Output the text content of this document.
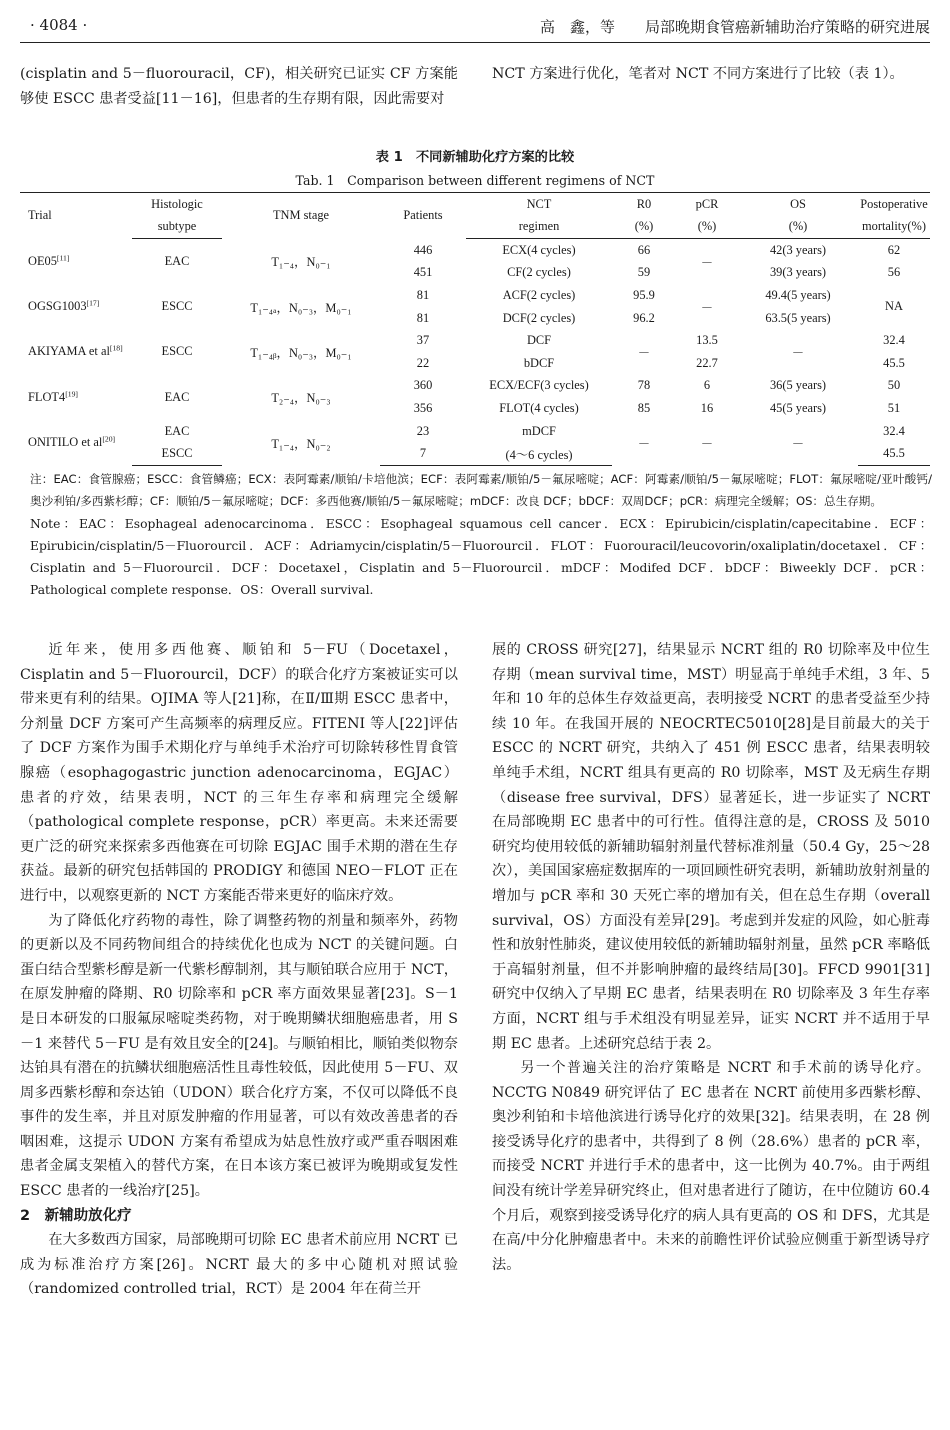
· 4084 ·	高　鑫，等　　局部晚期食管癌新辅助治疗策略的研究进展

(cisplatin and 5－fluorouracil，CF)，相关研究已证实 CF 方案能够使 ESCC 患者受益[11－16]，但患者的生存期有限，因此需要对

NCT 方案进行优化，笔者对 NCT 不同方案进行了比较（表 1）。

表 1　不同新辅助化疗方案的比较
Tab. 1　Comparison between different regimens of NCT
Trial	Histologic	TNM stage	Patients	NCT	R0	pCR	OS	Postoperative
	subtype			regimen	(%)	(%)	(%)	mortality(%)
OE05[11]	EAC	T₁₋₄，N₀₋₁	446	ECX(4 cycles)	66	－	42(3 years)	62
			451	CF(2 cycles)	59		39(3 years)	56
OGSG1003[17]	ESCC	T₁₋₄ₐ，N₀₋₃，M₀₋₁	81	ACF(2 cycles)	95.9	－	49.4(5 years)	NA
			81	DCF(2 cycles)	96.2		63.5(5 years)	
AKIYAMA et al[18]	ESCC	T₁₋₄ᵦ，N₀₋₃，M₀₋₁	37	DCF	－	13.5	－	32.4
			22	bDCF		22.7		45.5
FLOT4[19]	EAC	T₂₋₄，N₀₋₃	360	ECX/ECF(3 cycles)	78	6	36(5 years)	50
			356	FLOT(4 cycles)	85	16	45(5 years)	51
ONITILO et al[20]	EAC	T₁₋₄，N₀₋₂	23	mDCF	－	－	－	32.4
	ESCC		7	(4～6 cycles)				45.5

注：EAC：食管腺癌；ESCC：食管鳞癌；ECX：表阿霉素/顺铂/卡培他滨；ECF：表阿霉素/顺铂/5－氟尿嘧啶；ACF：阿霉素/顺铂/5－氟尿嘧啶；FLOT：氟尿嘧啶/亚叶酸钙/奥沙利铂/多西紫杉醇；CF：顺铂/5－氟尿嘧啶；DCF：多西他赛/顺铂/5－氟尿嘧啶；mDCF：改良 DCF；bDCF：双周DCF；pCR：病理完全缓解；OS：总生存期。

Note：EAC：Esophageal adenocarcinoma．ESCC：Esophageal squamous cell cancer．ECX：Epirubicin/cisplatin/capecitabine．ECF：Epirubicin/cisplatin/5－Fluorourcil．ACF：Adriamycin/cisplatin/5－Fluorourcil．FLOT：Fuorouracil/leucovorin/oxaliplatin/docetaxel．CF：Cisplatin and 5－Fluorourcil．DCF：Docetaxel，Cisplatin and 5－Fluorourcil．mDCF：Modifed DCF．bDCF：Biweekly DCF．pCR：Pathological complete response．OS：Overall survival.

近年来，使用多西他赛、顺铂和 5－FU（Docetaxel，Cisplatin and 5－Fluorourcil，DCF）的联合化疗方案被证实可以带来更有利的结果。OJIMA 等人[21]称，在Ⅱ/Ⅲ期 ESCC 患者中，分剂量 DCF 方案可产生高频率的病理反应。FITENI 等人[22]评估了 DCF 方案作为围手术期化疗与单纯手术治疗可切除转移性胃食管腺癌（esophagogastric junction adenocarcinoma，EGJAC）患者的疗效，结果表明，NCT 的三年生存率和病理完全缓解（pathological complete response，pCR）率更高。未来还需要更广泛的研究来探索多西他赛在可切除 EGJAC 围手术期的潜在生存获益。最新的研究包括韩国的 PRODIGY 和德国 NEO－FLOT 正在进行中，以观察更新的 NCT 方案能否带来更好的临床疗效。

为了降低化疗药物的毒性，除了调整药物的剂量和频率外，药物的更新以及不同药物间组合的持续优化也成为 NCT 的关键问题。白蛋白结合型紫杉醇是新一代紫杉醇制剂，其与顺铂联合应用于 NCT，在原发肿瘤的降期、R0 切除率和 pCR 率方面效果显著[23]。S－1 是日本研发的口服氟尿嘧啶类药物，对于晚期鳞状细胞癌患者，用 S－1 来替代 5－FU 是有效且安全的[24]。与顺铂相比，顺铂类似物奈达铂具有潜在的抗鳞状细胞癌活性且毒性较低，因此使用 5－FU、双周多西紫杉醇和奈达铂（UDON）联合化疗方案，不仅可以降低不良事件的发生率，并且对原发肿瘤的作用显著，可以有效改善患者的吞咽困难，这提示 UDON 方案有希望成为姑息性放疗或严重吞咽困难患者金属支架植入的替代方案，在日本该方案已被评为晚期或复发性 ESCC 患者的一线治疗[25]。

2　新辅助放化疗

在大多数西方国家，局部晚期可切除 EC 患者术前应用 NCRT 已成为标准治疗方案[26]。NCRT 最大的多中心随机对照试验（randomized controlled trial，RCT）是 2004 年在荷兰开

展的 CROSS 研究[27]，结果显示 NCRT 组的 R0 切除率及中位生存期（mean survival time，MST）明显高于单纯手术组，3 年、5 年和 10 年的总体生存效益更高，表明接受 NCRT 的患者受益至少持续 10 年。在我国开展的 NEOCRTEC5010[28]是目前最大的关于 ESCC 的 NCRT 研究，共纳入了 451 例 ESCC 患者，结果表明较单纯手术组，NCRT 组具有更高的 R0 切除率，MST 及无病生存期（disease free survival，DFS）显著延长，进一步证实了 NCRT 在局部晚期 EC 患者中的可行性。值得注意的是，CROSS 及 5010 研究均使用较低的新辅助辐射剂量代替标准剂量（50.4 Gy，25～28 次），美国国家癌症数据库的一项回顾性研究表明，新辅助放射剂量的增加与 pCR 率和 30 天死亡率的增加有关，但在总生存期（overall survival，OS）方面没有差异[29]。考虑到并发症的风险，如心脏毒性和放射性肺炎，建议使用较低的新辅助辐射剂量，虽然 pCR 率略低于高辐射剂量，但不并影响肿瘤的最终结局[30]。FFCD 9901[31]研究中仅纳入了早期 EC 患者，结果表明在 R0 切除率及 3 年生存率方面，NCRT 组与手术组没有明显差异，证实 NCRT 并不适用于早期 EC 患者。上述研究总结于表 2。

另一个普遍关注的治疗策略是 NCRT 和手术前的诱导化疗。NCCTG N0849 研究评估了 EC 患者在 NCRT 前使用多西紫杉醇、奥沙利铂和卡培他滨进行诱导化疗的效果[32]。结果表明，在 28 例接受诱导化疗的患者中，共得到了 8 例（28.6%）患者的 pCR 率，而接受 NCRT 并进行手术的患者中，这一比例为 40.7%。由于两组间没有统计学差异研究终止，但对患者进行了随访，在中位随访 60.4 个月后，观察到接受诱导化疗的病人具有更高的 OS 和 DFS，尤其是在高/中分化肿瘤患者中。未来的前瞻性评价试验应侧重于新型诱导疗法。
